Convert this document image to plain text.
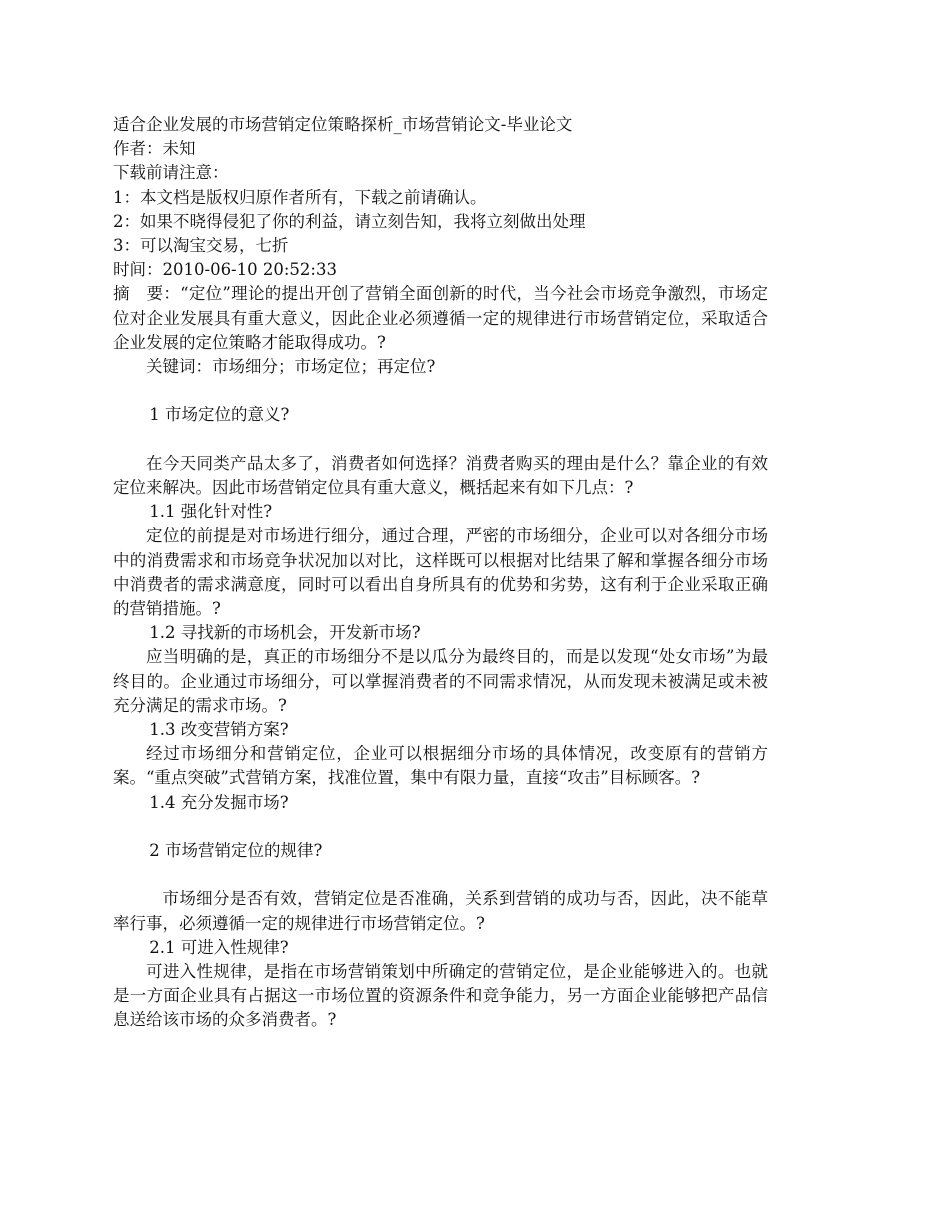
适合企业发展的市场营销定位策略探析_市场营销论文-毕业论文

作者：未知

下载前请注意：

1：本文档是版权归原作者所有，下载之前请确认。

2：如果不晓得侵犯了你的利益，请立刻告知，我将立刻做出处理

3：可以淘宝交易，七折

时间：2010-06-10 20:52:33

摘　要：“定位”理论的提出开创了营销全面创新的时代，当今社会市场竞争激烈，市场定位对企业发展具有重大意义，因此企业必须遵循一定的规律进行市场营销定位，采取适合企业发展的定位策略才能取得成功。?

关键词：市场细分；市场定位；再定位?

1 市场定位的意义?

在今天同类产品太多了，消费者如何选择？消费者购买的理由是什么？靠企业的有效定位来解决。因此市场营销定位具有重大意义，概括起来有如下几点：?

1.1 强化针对性?

定位的前提是对市场进行细分，通过合理，严密的市场细分，企业可以对各细分市场中的消费需求和市场竞争状况加以对比，这样既可以根据对比结果了解和掌握各细分市场中消费者的需求满意度，同时可以看出自身所具有的优势和劣势，这有利于企业采取正确的营销措施。?

1.2 寻找新的市场机会，开发新市场?

应当明确的是，真正的市场细分不是以瓜分为最终目的，而是以发现“处女市场”为最终目的。企业通过市场细分，可以掌握消费者的不同需求情况，从而发现未被满足或未被充分满足的需求市场。?

1.3 改变营销方案?

经过市场细分和营销定位，企业可以根据细分市场的具体情况，改变原有的营销方案。“重点突破”式营销方案，找准位置，集中有限力量，直接“攻击”目标顾客。?

1.4 充分发掘市场?

2 市场营销定位的规律?

市场细分是否有效，营销定位是否准确，关系到营销的成功与否，因此，决不能草率行事，必须遵循一定的规律进行市场营销定位。?

2.1 可进入性规律?

可进入性规律，是指在市场营销策划中所确定的营销定位，是企业能够进入的。也就是一方面企业具有占据这一市场位置的资源条件和竞争能力，另一方面企业能够把产品信息送给该市场的众多消费者。?
